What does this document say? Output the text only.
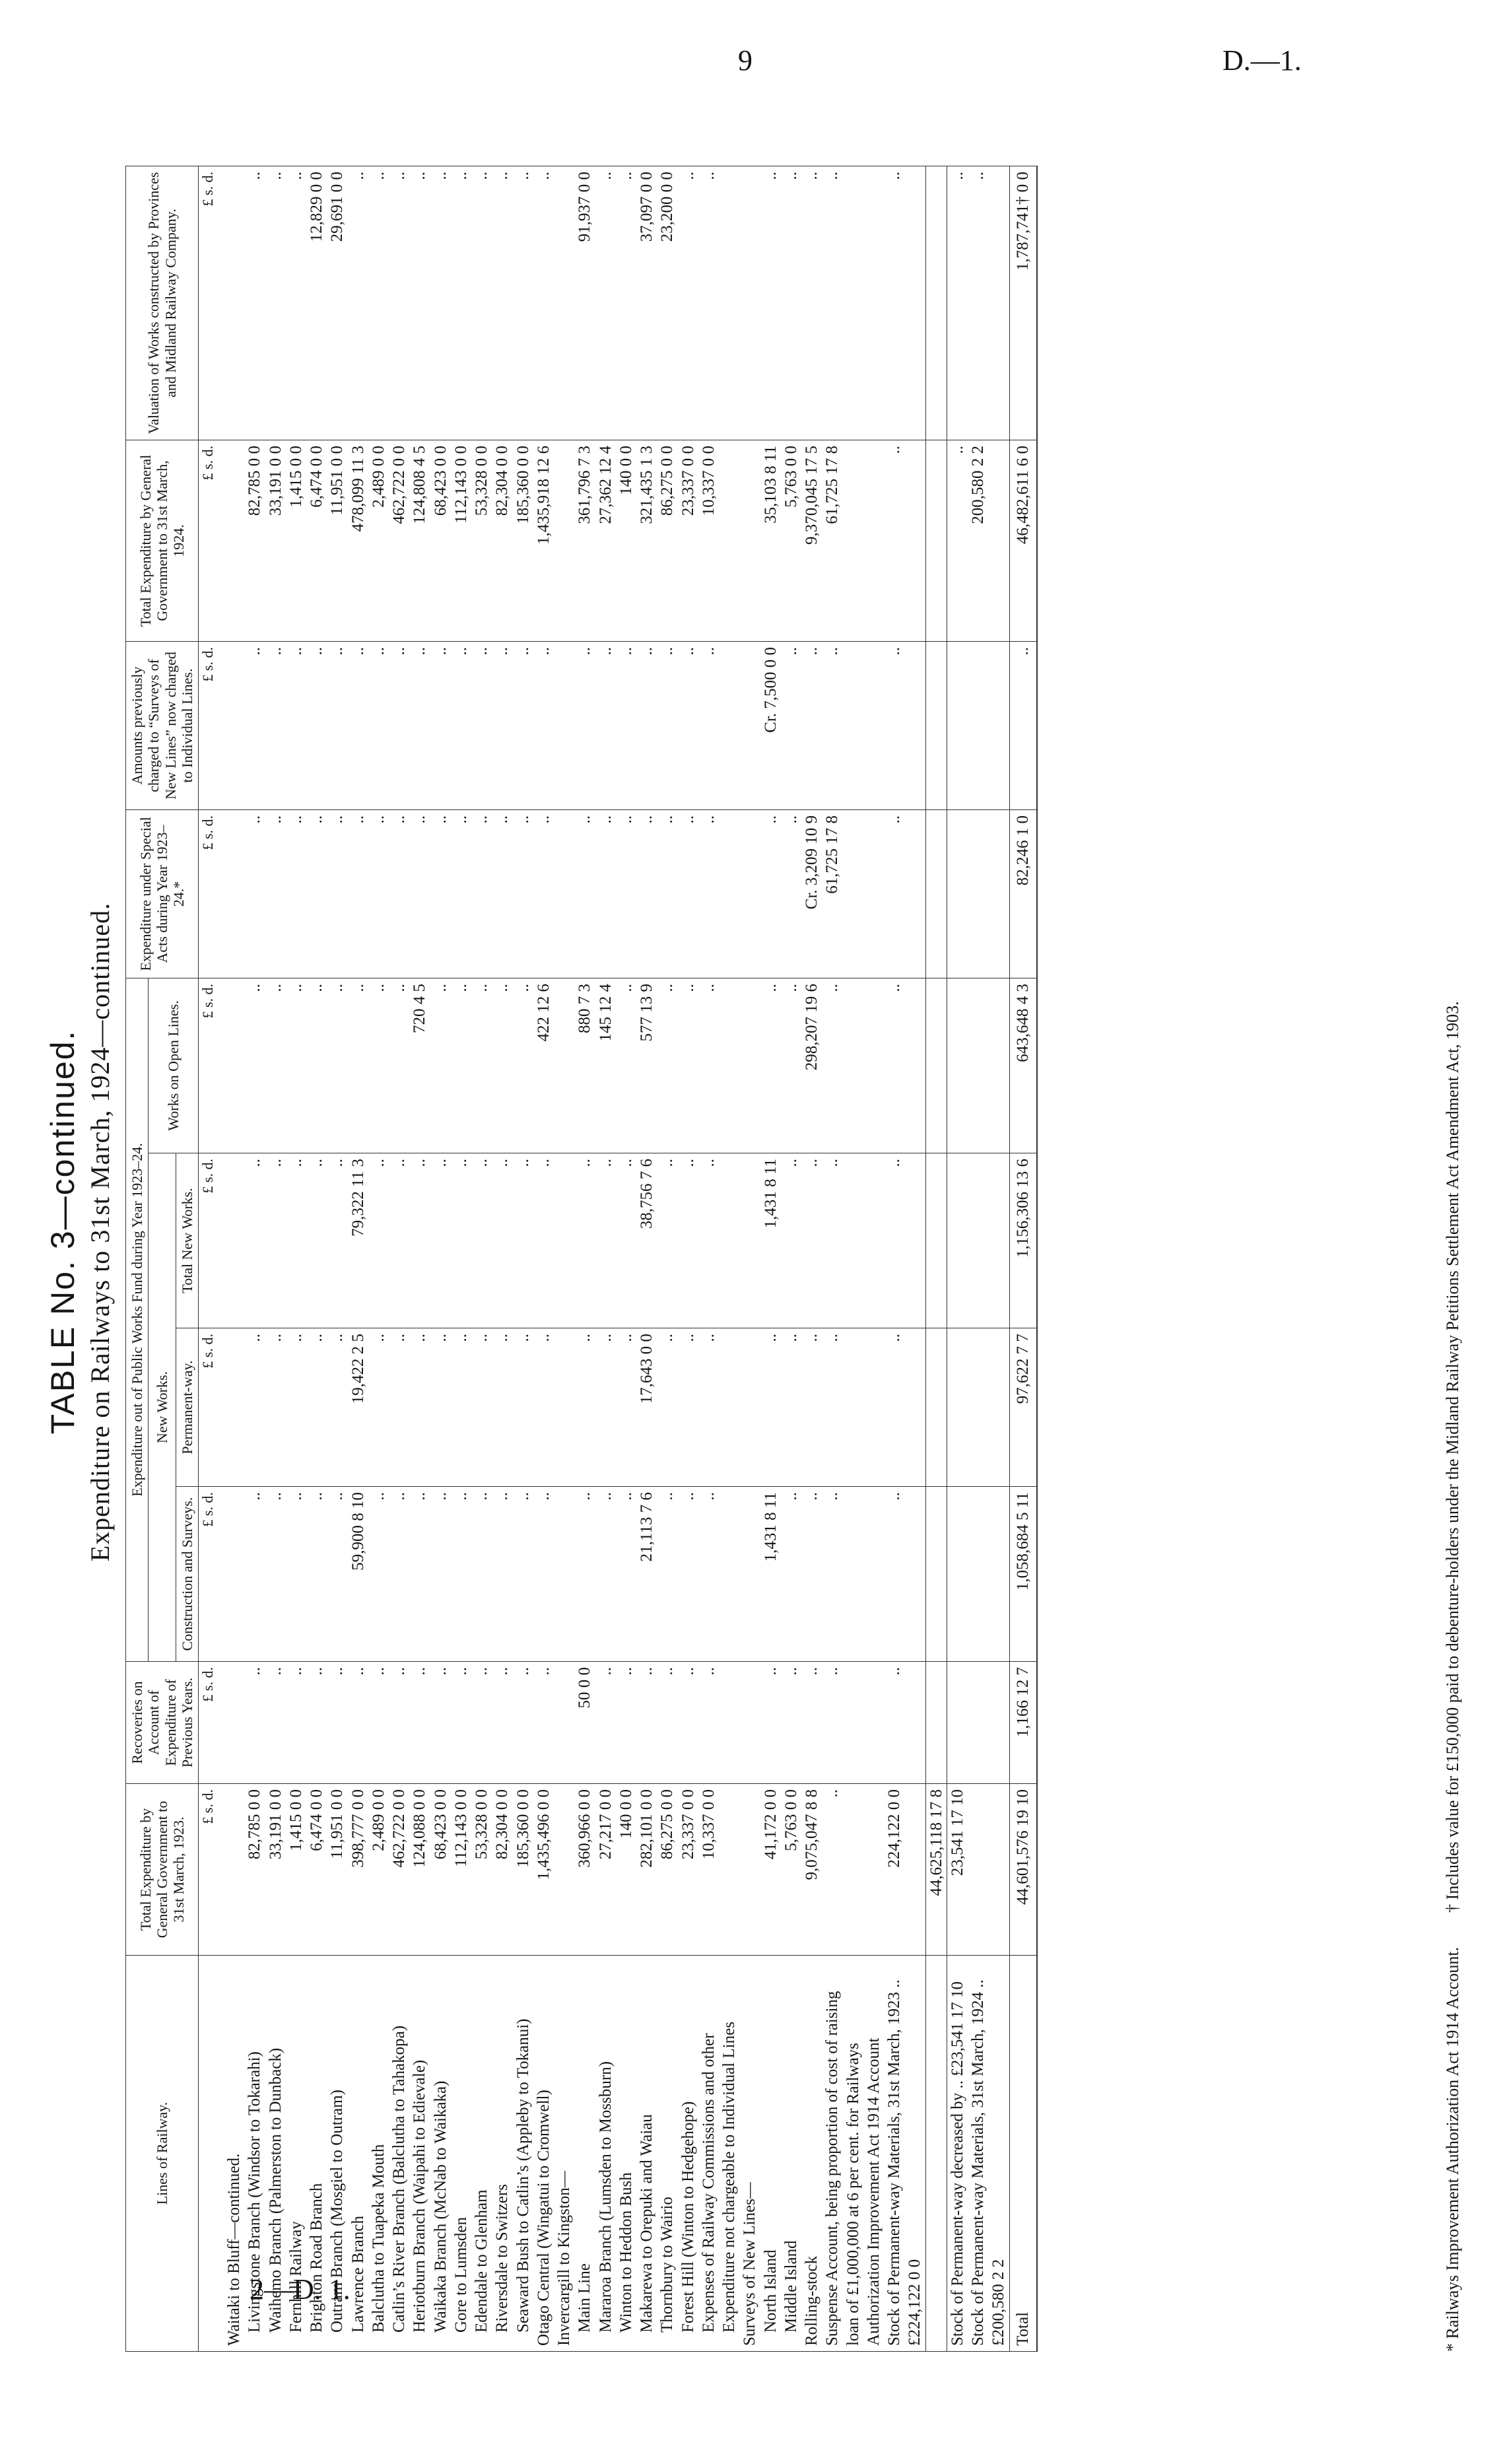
9	D.—1.
2—D. 1.
TABLE No. 3—continued. Expenditure on Railways to 31st March, 1924—continued.
Lines of Railway.	Total Expenditure by General Government to 31st March, 1923.	Recoveries on Account of Expenditure of Previous Years.	Expenditure out of Public Works Fund during Year 1923–24.				Expenditure under Special Acts during Year 1923–24.*	Amounts previously charged to “Surveys of New Lines” now charged to Individual Lines.	Total Expenditure by General Government to 31st March, 1924.	Valuation of Works constructed by Provinces and Midland Railway Company.
			New Works.			Works on Open Lines.				
			Construction and Surveys.	Permanent-way.	Total New Works.					
	£ s. d.	£ s. d.	£ s. d.	£ s. d.	£ s. d.	£ s. d.	£ s. d.	£ s. d.	£ s. d.	£ s. d.
Waitaki to Bluff—continued.										
Livingstone Branch (Windsor to Tokarahi)	82,785 0 0	..	..	..	..	..	..	..	82,785 0 0	..
Waihemo Branch (Palmerston to Dunback)	33,191 0 0	..	..	..	..	..	..	..	33,191 0 0	..
Fernhill Railway	1,415 0 0	..	..	..	..	..	..	..	1,415 0 0	..
Brighton Road Branch	6,474 0 0	..	..	..	..	..	..	..	6,474 0 0	12,829 0 0
Outram Branch (Mosgiel to Outram)	11,951 0 0	..	..	..	..	..	..	..	11,951 0 0	29,691 0 0
Lawrence Branch	398,777 0 0	..	59,900 8 10	19,422 2 5	79,322 11 3	..	..	..	478,099 11 3	..
Balclutha to Tuapeka Mouth	2,489 0 0	..	..	..	..	..	..	..	2,489 0 0	..
Catlin’s River Branch (Balclutha to Tahakopa)	462,722 0 0	..	..	..	..	..	..	..	462,722 0 0	..
Heriotburn Branch (Waipahi to Edievale)	124,088 0 0	..	..	..	..	720 4 5	..	..	124,808 4 5	..
Waikaka Branch (McNab to Waikaka)	68,423 0 0	..	..	..	..	..	..	..	68,423 0 0	..
Gore to Lumsden	112,143 0 0	..	..	..	..	..	..	..	112,143 0 0	..
Edendale to Glenham	53,328 0 0	..	..	..	..	..	..	..	53,328 0 0	..
Riversdale to Switzers	82,304 0 0	..	..	..	..	..	..	..	82,304 0 0	..
Seaward Bush to Catlin’s (Appleby to Tokanui)	185,360 0 0	..	..	..	..	..	..	..	185,360 0 0	..
Otago Central (Wingatui to Cromwell)	1,435,496 0 0	..	..	..	..	422 12 6	..	..	1,435,918 12 6	..
Invercargill to Kingston—										
Main Line	360,966 0 0	50 0 0	..	..	..	880 7 3	..	..	361,796 7 3	91,937 0 0
Mararoa Branch (Lumsden to Mossburn)	27,217 0 0	..	..	..	..	145 12 4	..	..	27,362 12 4	..
Winton to Heddon Bush	140 0 0	..	..	..	..	..	..	..	140 0 0	..
Makarewa to Orepuki and Waiau	282,101 0 0	..	21,113 7 6	17,643 0 0	38,756 7 6	577 13 9	..	..	321,435 1 3	37,097 0 0
Thornbury to Wairio	86,275 0 0	..	..	..	..	..	..	..	86,275 0 0	23,200 0 0
Forest Hill (Winton to Hedgehope)	23,337 0 0	..	..	..	..	..	..	..	23,337 0 0	..
Expenses of Railway Commissions and other Expenditure not chargeable to Individual Lines	10,337 0 0	..	..	..	..	..	..	..	10,337 0 0	..
Surveys of New Lines—										
North Island	41,172 0 0	..	1,431 8 11	..	1,431 8 11	..	..	Cr. 7,500 0 0	35,103 8 11	..
Middle Island	5,763 0 0	..	..	..	..	..	..	..	5,763 0 0	..
Rolling-stock	9,075,047 8 8	..	..	..	..	298,207 19 6	Cr. 3,209 10 9	..	9,370,045 17 5	..
Suspense Account, being proportion of cost of raising loan of £1,000,000 at 6 per cent. for Railways Authorization Improvement Act 1914 Account	..	..	..	..	..	..	61,725 17 8	..	61,725 17 8	..
Stock of Permanent-way Materials, 31st March, 1923 .. £224,122 0 0	224,122 0 0	..	..	..	..	..	..	..	..	..
	44,625,118 17 8									
Stock of Permanent-way decreased by .. £23,541 17 10	23,541 17 10								..	..
Stock of Permanent-way Materials, 31st March, 1924 .. £200,580 2 2									200,580 2 2	..
Total	44,601,576 19 10	1,166 12 7	1,058,684 5 11	97,622 7 7	1,156,306 13 6	643,648 4 3	82,246 1 0	..	46,482,611 6 0	1,787,741† 0 0
* Railways Improvement Authorization Act 1914 Account.        † Includes value for £150,000 paid to debenture-holders under the Midland Railway Petitions Settlement Act Amendment Act, 1903.
